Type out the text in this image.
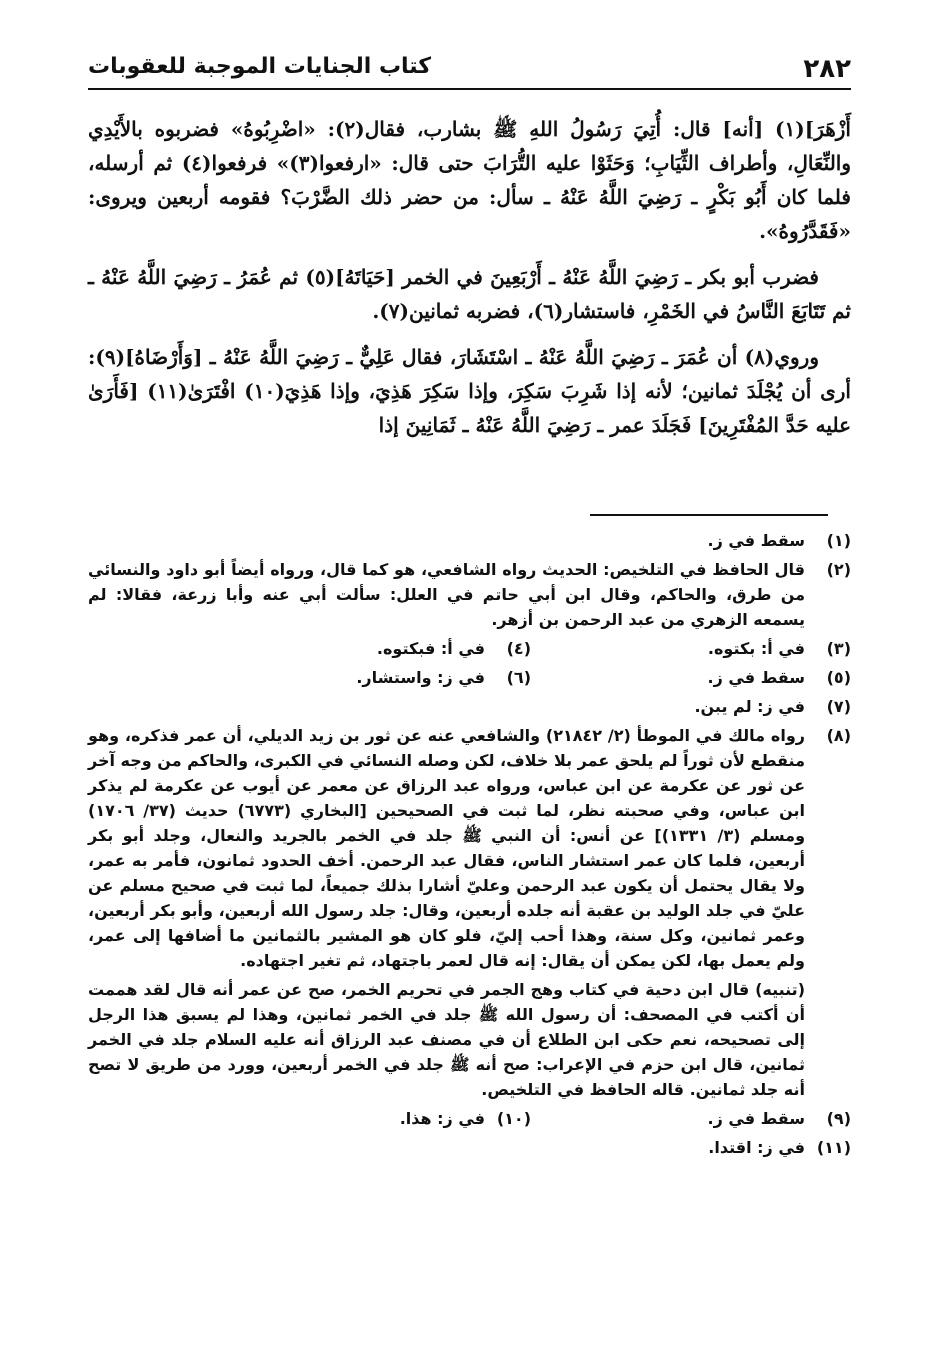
٢٨٢
كتاب الجنايات الموجبة للعقوبات

أَزْهَرَ](١) [أنه] قال: أُتِيَ رَسُولُ اللهِ ﷺ بشارب، فقال(٢): «اضْرِبُوهُ» فضربوه بالأَيْدِي والنِّعَالِ، وأطراف الثِّيَابِ؛ وَحَثَوْا عليه التُّرَابَ حتى قال: «ارفعوا(٣)» فرفعوا(٤) ثم أرسله، فلما كان أَبُو بَكْرٍ ـ رَضِيَ اللَّهُ عَنْهُ ـ سأل: من حضر ذلك الضَّرْبَ؟ فقومه أربعين ويروى: «فَقَدَّرُوهُ».

فضرب أبو بكر ـ رَضِيَ اللَّهُ عَنْهُ ـ أَرْبَعِينَ في الخمر [حَيَاتَهُ](٥) ثم عُمَرُ ـ رَضِيَ اللَّهُ عَنْهُ ـ ثم تَتَابَعَ النَّاسُ في الخَمْرِ، فاستشار(٦)، فضربه ثمانين(٧).

وروي(٨) أن عُمَرَ ـ رَضِيَ اللَّهُ عَنْهُ ـ اسْتَشَارَ، فقال عَلِيٌّ ـ رَضِيَ اللَّهُ عَنْهُ ـ [وَأَرْضَاهُ](٩): أرى أن يُجْلَدَ ثمانين؛ لأنه إذا شَرِبَ سَكِرَ، وإذا سَكِرَ هَذِيَ، وإذا هَذِيَ(١٠) افْتَرَىٰ(١١) [فَأَرَىٰ عليه حَدَّ المُفْتَرِينَ] فَجَلَدَ عمر ـ رَضِيَ اللَّهُ عَنْهُ ـ ثَمَانِينَ إذا

(١)
سقط في ز.
(٢)
قال الحافظ في التلخيص: الحديث رواه الشافعي، هو كما قال، ورواه أيضاً أبو داود والنسائي من طرق، والحاكم، وقال ابن أبي حاتم في العلل: سألت أبي عنه وأبا زرعة، فقالا: لم يسمعه الزهري من عبد الرحمن بن أزهر.
(٣)
في أ: بكتوه.
(٤)
في أ: فبكتوه.
(٥)
سقط في ز.
(٦)
في ز: واستشار.
(٧)
في ز: لم يبن.
(٨)
رواه مالك في الموطأ (٢/ ٢١٨٤٢) والشافعي عنه عن ثور بن زيد الديلي، أن عمر فذكره، وهو منقطع لأن ثوراً لم يلحق عمر بلا خلاف، لكن وصله النسائي في الكبرى، والحاكم من وجه آخر عن ثور عن عكرمة عن ابن عباس، ورواه عبد الرزاق عن معمر عن أيوب عن عكرمة لم يذكر ابن عباس، وفي صحبته نظر، لما ثبت في الصحيحين [البخاري (٦٧٧٣) حديث (٣٧/ ١٧٠٦) ومسلم (٣/ ١٣٣١)] عن أنس: أن النبي ﷺ جلد في الخمر بالجريد والنعال، وجلد أبو بكر أربعين، فلما كان عمر استشار الناس، فقال عبد الرحمن. أخف الحدود ثمانون، فأمر به عمر، ولا يقال يحتمل أن يكون عبد الرحمن وعليّ أشارا بذلك جميعاً، لما ثبت في صحيح مسلم عن عليّ في جلد الوليد بن عقبة أنه جلده أربعين، وقال: جلد رسول الله أربعين، وأبو بكر أربعين، وعمر ثمانين، وكل سنة، وهذا أحب إليّ، فلو كان هو المشير بالثمانين ما أضافها إلى عمر، ولم يعمل بها، لكن يمكن أن يقال: إنه قال لعمر باجتهاد، ثم تغير اجتهاده.
(تنبيه) قال ابن دحية في كتاب وهج الجمر في تحريم الخمر، صح عن عمر أنه قال لقد هممت أن أكتب في المصحف: أن رسول الله ﷺ جلد في الخمر ثمانين، وهذا لم يسبق هذا الرجل إلى تصحيحه، نعم حكى ابن الطلاع أن في مصنف عبد الرزاق أنه عليه السلام جلد في الخمر ثمانين، قال ابن حزم في الإعراب: صح أنه ﷺ جلد في الخمر أربعين، وورد من طريق لا تصح أنه جلد ثمانين. قاله الحافظ في التلخيص.
(٩)
سقط في ز.
(١٠)
في ز: هذا.
(١١)
في ز: اقتدا.
